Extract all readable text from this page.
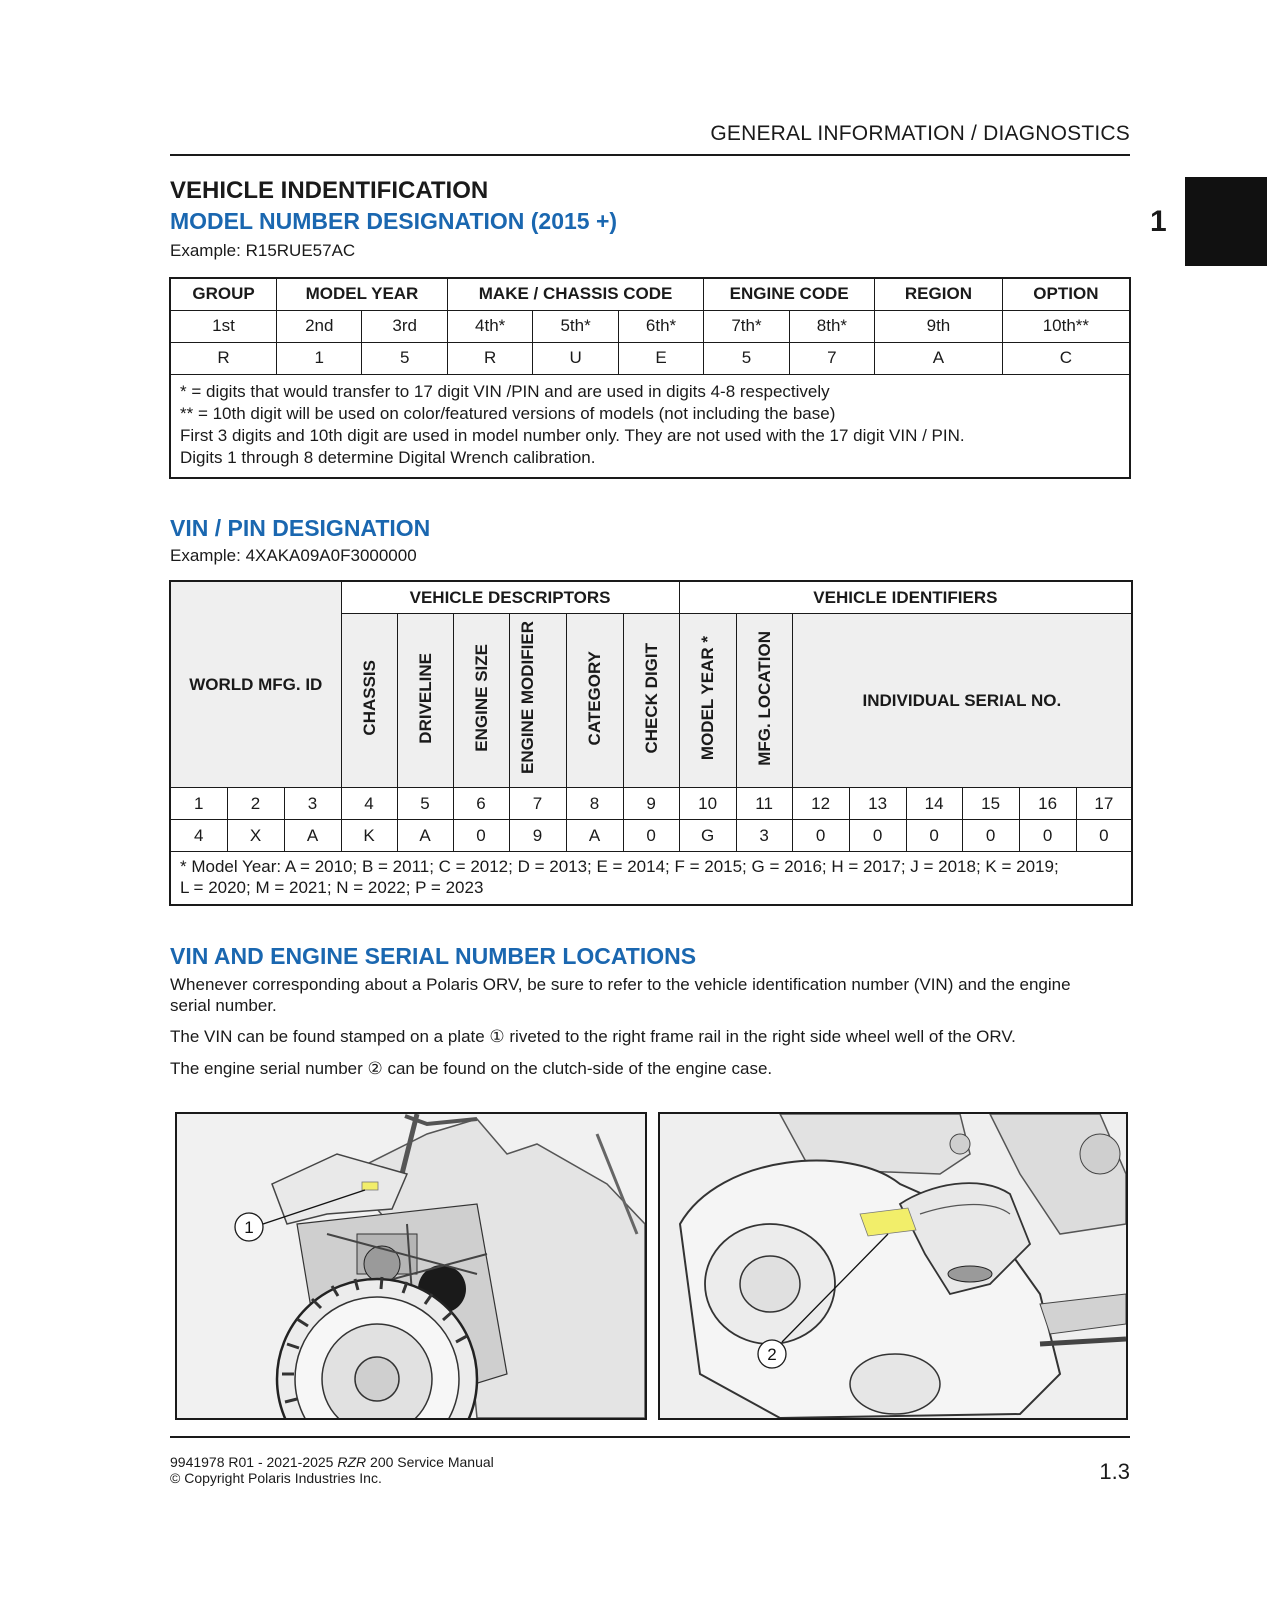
GENERAL INFORMATION / DIAGNOSTICS
1
VEHICLE INDENTIFICATION
MODEL NUMBER DESIGNATION (2015 +)
Example: R15RUE57AC
GROUP	MODEL YEAR		MAKE / CHASSIS CODE			ENGINE CODE		REGION	OPTION
1st	2nd	3rd	4th*	5th*	6th*	7th*	8th*	9th	10th**
R	1	5	R	U	E	5	7	A	C

* = digits that would transfer to 17 digit VIN /PIN and are used in digits 4-8 respectively
** = 10th digit will be used on color/featured versions of models (not including the base)
First 3 digits and 10th digit are used in model number only. They are not used with the 17 digit VIN / PIN.
Digits 1 through 8 determine Digital Wrench calibration.									
VIN / PIN DESIGNATION
Example: 4XAKA09A0F3000000
WORLD MFG. ID			VEHICLE DESCRIPTORS						VEHICLE IDENTIFIERS							
			CHASSIS	DRIVELINE	ENGINE SIZE	ENGINE MODIFIER	CATEGORY	CHECK DIGIT	MODEL YEAR *	MFG. LOCATION	INDIVIDUAL SERIAL NO.					
1	2	3	4	5	6	7	8	9	10	11	12	13	14	15	16	17
4	X	A	K	A	0	9	A	0	G	3	0	0	0	0	0	0

* Model Year: A = 2010; B = 2011; C = 2012; D = 2013; E = 2014; F = 2015; G = 2016; H = 2017; J = 2018; K = 2019;
L = 2020; M = 2021; N = 2022; P = 2023																
VIN AND ENGINE SERIAL NUMBER LOCATIONS
Whenever corresponding about a Polaris ORV, be sure to refer to the vehicle identification number (VIN) and the engine serial number.
The VIN can be found stamped on a plate ① riveted to the right frame rail in the right side wheel well of the ORV.
The engine serial number ② can be found on the clutch-side of the engine case.
1
2
9941978 R01 - 2021-2025 RZR 200 Service Manual
© Copyright Polaris Industries Inc.	1.3
